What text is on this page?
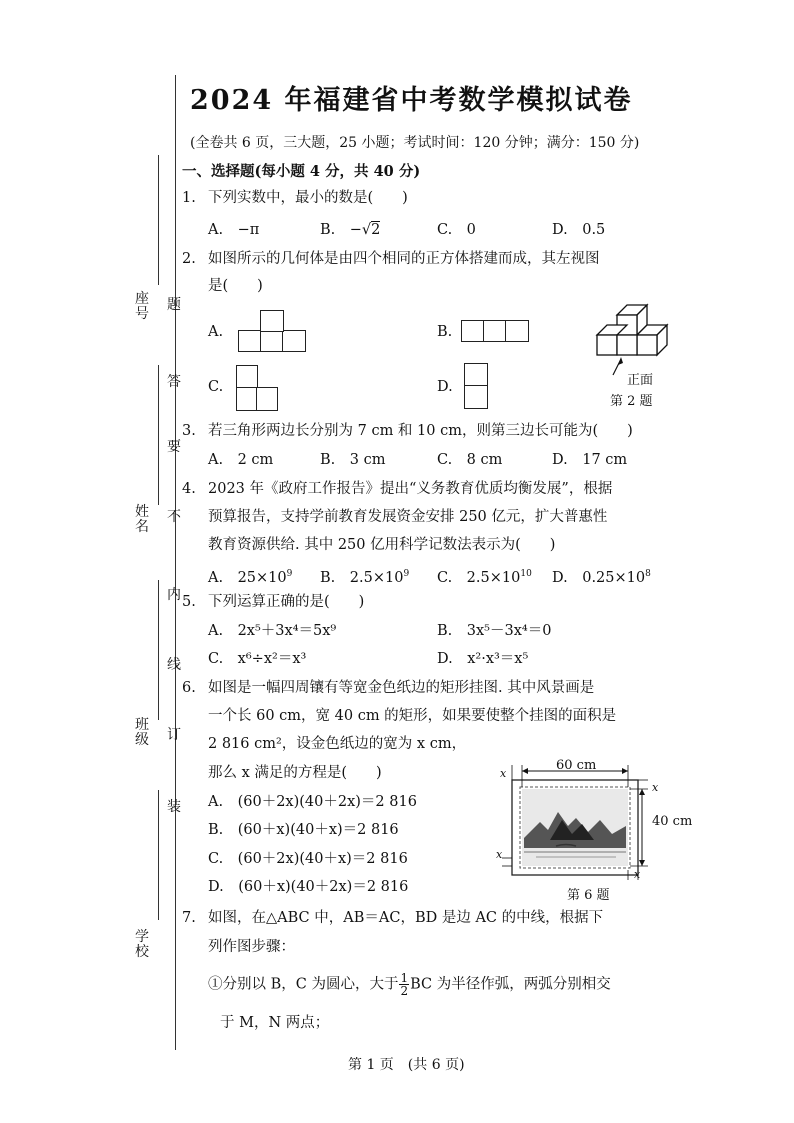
座号
姓名
班级
学校
题
答
要
不
内
线
订
装
2024 年福建省中考数学模拟试卷
(全卷共 6 页，三大题，25 小题；考试时间：120 分钟；满分：150 分)
一、选择题(每小题 4 分，共 40 分)
1. 下列实数中，最小的数是(　　)
A.　−π	B.　−√2	C.　0	D.　0.5
2. 如图所示的几何体是由四个相同的正方体搭建而成，其左视图
是(　　)
A.	B.
C.	D.	正面
第 2 题
3. 若三角形两边长分别为 7 cm 和 10 cm，则第三边长可能为(　　)
A.　2 cm	B.　3 cm	C.　8 cm	D.　17 cm
4. 2023 年《政府工作报告》提出“义务教育优质均衡发展”，根据
预算报告，支持学前教育发展资金安排 250 亿元，扩大普惠性
教育资源供给. 其中 250 亿用科学记数法表示为(　　)
A.　$25\times 10^9$ B.　$2.5\times 10^9$ C.　$2.5\times 10^{10}$ D.　$0.25\times 10^8$
5. 下列运算正确的是(　　)
A.　2x⁵＋3x⁴＝5x⁹	B.　3x⁵－3x⁴＝0
C.　x⁶÷x²＝x³	D.　x²·x³＝x⁵
6. 如图是一幅四周镶有等宽金色纸边的矩形挂图. 其中风景画是
一个长 60 cm，宽 40 cm 的矩形，如果要使整个挂图的面积是
2 816 cm²，设金色纸边的宽为 x cm，
那么 x 满足的方程是(　　)
A.　(60＋2x)(40＋2x)＝2 816
B.　(60＋x)(40＋x)＝2 816
C.　(60＋2x)(40＋x)＝2 816
D.　(60＋x)(40＋2x)＝2 816
60 cm
40 cm
x
x
x
x
第 6 题
7. 如图，在△ABC 中，AB＝AC，BD 是边 AC 的中线，根据下
列作图步骤：
①分别以 B，C 为圆心，大于 $\frac{1}{2}$ BC 为半径作弧，两弧分别相交
于 M，N 两点；
第 1 页　(共 6 页)
